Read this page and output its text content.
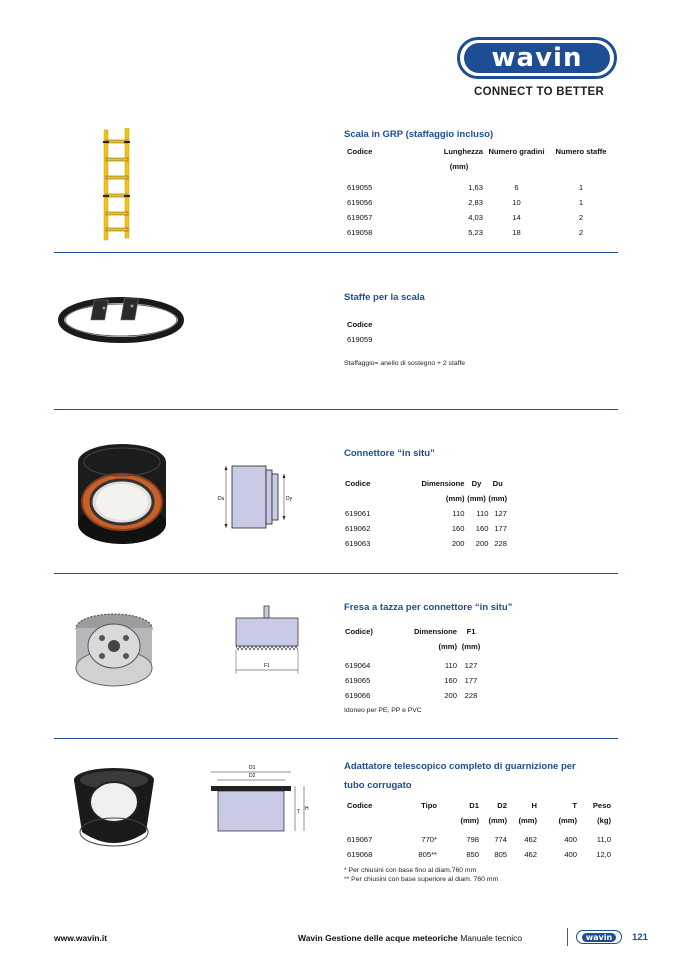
wavin
CONNECT TO BETTER
Scala in GRP (staffaggio incluso)
Codice	Lunghezza	Numero gradini	Numero staffe
	(mm)		

619055	1,63	6	1
619056	2,83	10	1
619057	4,03	14	2
619058	5,23	18	2
Staffe per la scala
Codice
619059
Staffaggio= anello di sostegno + 2 staffe
Du	Dy
Connettore “in situ”
Codice	Dimensione	Dy	Du
	(mm)	(mm)	(mm)
619061	110	110	127
619062	160	160	177
619063	200	200	228
F1
Fresa a tazza per connettore “in situ”
Codice)	Dimensione	F1
	(mm)	(mm)

619064	110	127
619065	160	177
619066	200	228
Idoneo per PE, PP e PVC
D1
D2
T H
Adattatore telescopico completo di guarnizione per
tubo corrugato
Codice	Tipo	D1	D2	H	T	Peso
		(mm)	(mm)	(mm)	(mm)	(kg)

619067	770*	798	774	462	400	11,0
619068	805**	850	805	462	400	12,0
* Per chiusini con base fino al diam.760 mm
** Per chiusini con base superiore al diam. 760 mm
www.wavin.it	Wavin Gestione delle acque meteoriche Manuale tecnico	wavin	121
